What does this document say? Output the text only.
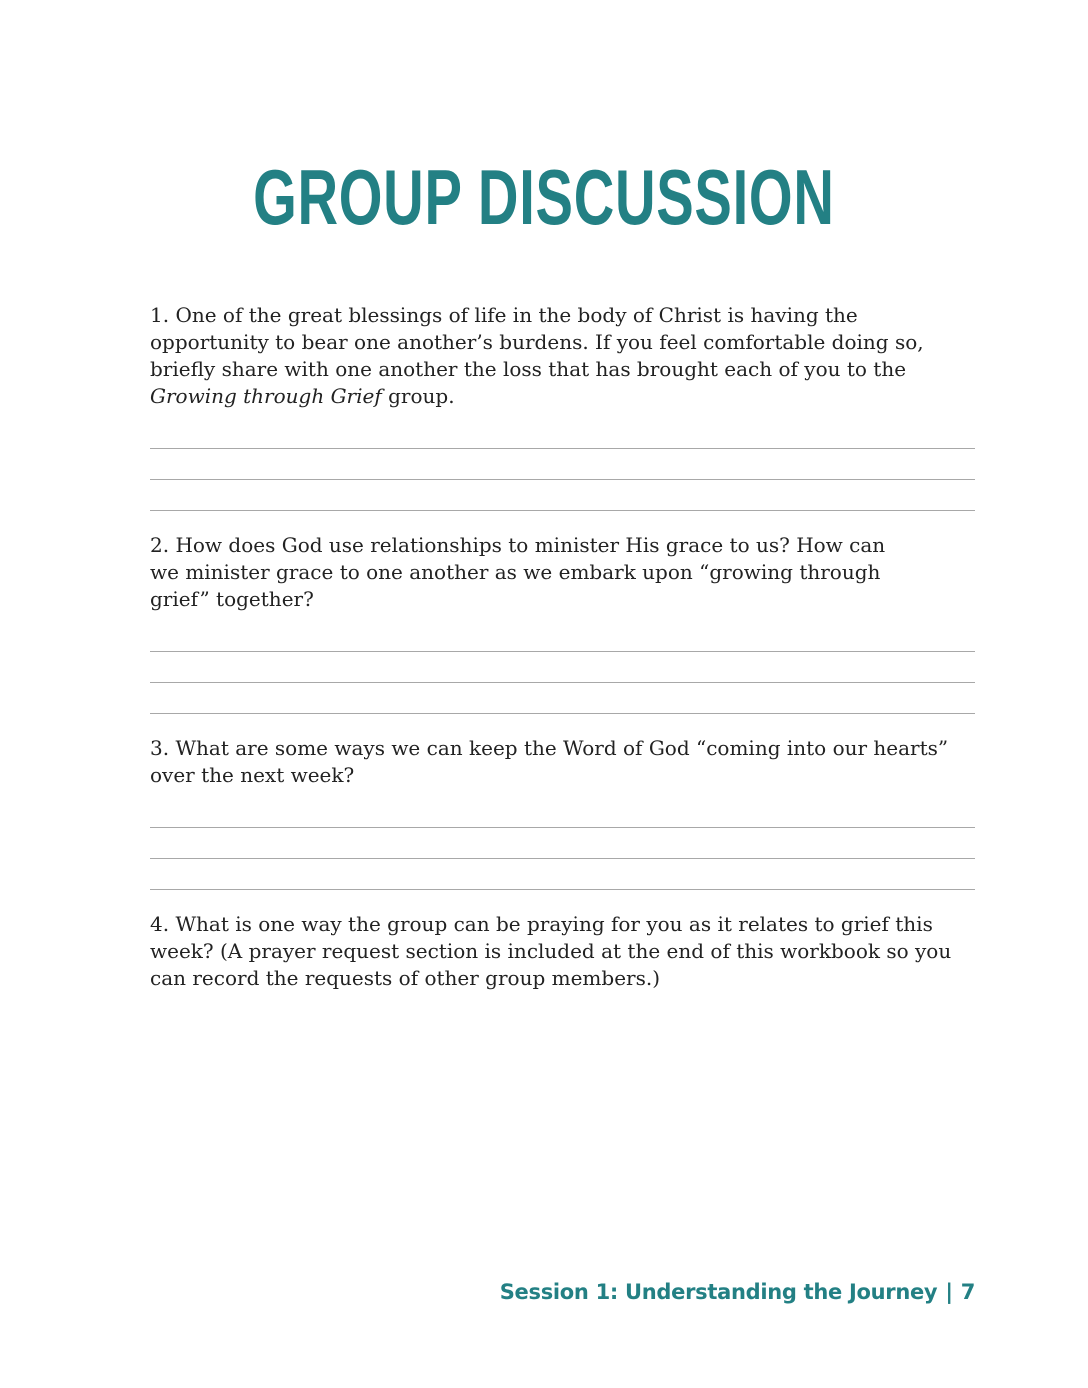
GROUP DISCUSSION
1. One of the great blessings of life in the body of Christ is having the opportunity to bear one another’s burdens. If you feel comfortable doing so, briefly share with one another the loss that has brought each of you to the Growing through Grief group.
2. How does God use relationships to minister His grace to us? How can we minister grace to one another as we embark upon “growing through grief” together?
3. What are some ways we can keep the Word of God “coming into our hearts” over the next week?
4. What is one way the group can be praying for you as it relates to grief this week? (A prayer request section is included at the end of this workbook so you can record the requests of other group members.)
Session 1: Understanding the Journey | 7
